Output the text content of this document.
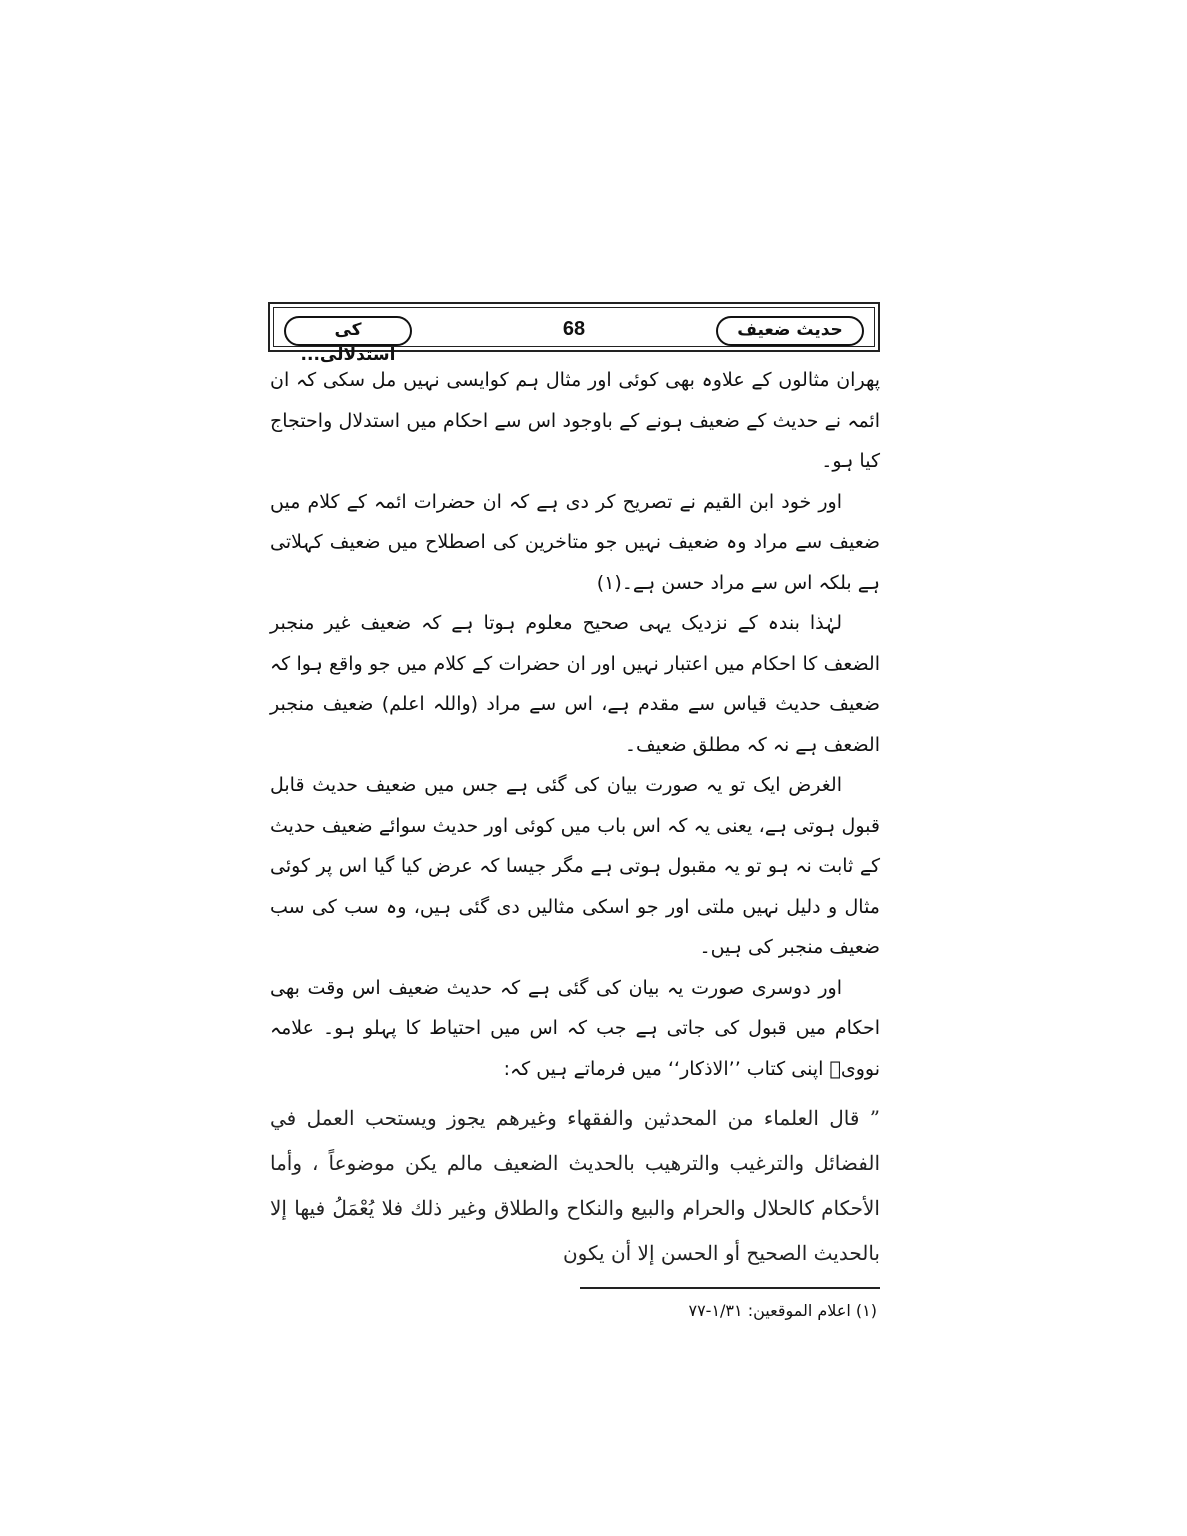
حدیث ضعیف
68
کی استدلالی...

پھران مثالوں کے علاوہ بھی کوئی اور مثال ہم کوایسی نہیں مل سکی کہ ان ائمہ نے حدیث کے ضعیف ہونے کے باوجود اس سے احکام میں استدلال واحتجاج کیا ہو۔

اور خود ابن القیم نے تصریح کر دی ہے کہ ان حضرات ائمہ کے کلام میں ضعیف سے مراد وہ ضعیف نہیں جو متاخرین کی اصطلاح میں ضعیف کہلاتی ہے بلکہ اس سے مراد حسن ہے۔(۱)

لہٰذا بندہ کے نزدیک یہی صحیح معلوم ہوتا ہے کہ ضعیف غیر منجبر الضعف کا احکام میں اعتبار نہیں اور ان حضرات کے کلام میں جو واقع ہوا کہ ضعیف حدیث قیاس سے مقدم ہے، اس سے مراد (واللہ اعلم) ضعیف منجبر الضعف ہے نہ کہ مطلق ضعیف۔

الغرض ایک تو یہ صورت بیان کی گئی ہے جس میں ضعیف حدیث قابل قبول ہوتی ہے، یعنی یہ کہ اس باب میں کوئی اور حدیث سوائے ضعیف حدیث کے ثابت نہ ہو تو یہ مقبول ہوتی ہے مگر جیسا کہ عرض کیا گیا اس پر کوئی مثال و دلیل نہیں ملتی اور جو اسکی مثالیں دی گئی ہیں، وہ سب کی سب ضعیف منجبر کی ہیں۔

اور دوسری صورت یہ بیان کی گئی ہے کہ حدیث ضعیف اس وقت بھی احکام میں قبول کی جاتی ہے جب کہ اس میں احتیاط کا پہلو ہو۔ علامہ نوویؒ اپنی کتاب ’’الاذکار‘‘ میں فرماتے ہیں کہ:

” قال العلماء من المحدثين والفقهاء وغيرهم يجوز ويستحب العمل في الفضائل والترغيب والترهيب بالحديث الضعيف مالم يكن موضوعاً ، وأما الأحكام كالحلال والحرام والبيع والنكاح والطلاق وغير ذلك فلا يُعْمَلُ فيها إلا بالحديث الصحيح أو الحسن إلا أن يكون

(۱) اعلام الموقعین: ۱/۳۱-۷۷
